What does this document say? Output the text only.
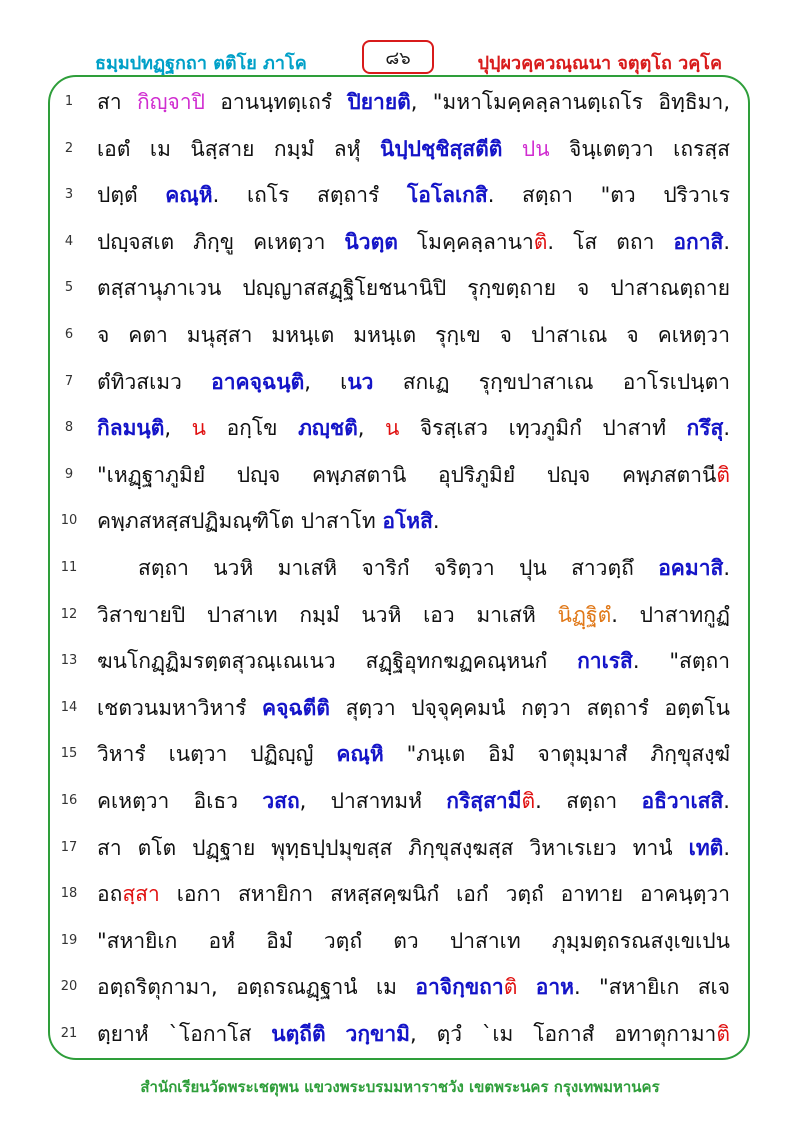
ธมฺมปทฏฺฐกถา ตติโย ภาโค	๘๖	ปุปฺผวคฺควณฺณนา จตุตฺโถ วคฺโค
1	สา กิญฺจาปิ อานนฺทตฺเถรํ ปิยายติ, "มหาโมคฺคลฺลานตฺเถโร อิทฺธิมา,
2	เอตํ เม นิสฺสาย กมฺมํ ลหุํ นิปฺปชฺชิสฺสตีติ ปน จินฺเตตฺวา เถรสฺส
3	ปตฺตํ คณฺหิ. เถโร สตฺถารํ โอโลเกสิ. สตฺถา "ตว ปริวาเร
4	ปญฺจสเต ภิกฺขู คเหตฺวา นิวตฺต โมคฺคลฺลานาติ. โส ตถา อกาสิ.
5	ตสฺสานุภาเวน ปญฺญาสสฏฺฐิโยชนานิปิ รุกฺขตฺถาย จ ปาสาณตฺถาย
6	จ คตา มนุสฺสา มหนฺเต มหนฺเต รุกฺเข จ ปาสาเณ จ คเหตฺวา
7	ตํทิวสเมว อาคจฺฉนฺติ, เนว สกเฏ รุกฺขปาสาเณ อาโรเปนฺตา
8	กิลมนฺติ, น อกฺโข ภญฺชติ, น จิรสฺเสว เทฺวภูมิกํ ปาสาทํ กรึสุ.
9	"เหฏฺฐาภูมิยํ ปญฺจ คพฺภสตานิ อุปริภูมิยํ ปญฺจ คพฺภสตานีติ
10 คพฺภสหสฺสปฏิมณฺฑิโต ปาสาโท อโหสิ.
11	สตฺถา นวหิ มาเสหิ จาริกํ จริตฺวา ปุน สาวตฺถึ อคมาสิ.
12 วิสาขายปิ ปาสาเท กมฺมํ นวหิ เอว มาเสหิ นิฏฺฐิตํ. ปาสาทกูฏํ
13 ฆนโกฏฺฏิมรตฺตสุวณฺเณเนว สฏฺฐิอุทกฆฏคณฺหนกํ กาเรสิ. "สตฺถา
14 เชตวนมหาวิหารํ คจฺฉตีติ สุตฺวา ปจฺจุคฺคมนํ กตฺวา สตฺถารํ อตฺตโน
15 วิหารํ เนตฺวา ปฏิญฺญํ คณฺหิ "ภนฺเต อิมํ จาตุมฺมาสํ ภิกฺขุสงฺฆํ
16 คเหตฺวา อิเธว วสถ, ปาสาทมหํ กริสฺสามีติ. สตฺถา อธิวาเสสิ.
17 สา ตโต ปฏฺฐาย พุทฺธปฺปมุขสฺส ภิกฺขุสงฺฆสฺส วิหาเรเยว ทานํ เทติ.
18 อถสฺสา เอกา สหายิกา สหสฺสคฺฆนิกํ เอกํ วตฺถํ อาทาย อาคนฺตฺวา
19 "สหายิเก อหํ อิมํ วตฺถํ ตว ปาสาเท ภุมฺมตฺถรณสงฺเขเปน
20 อตฺถริตุกามา, อตฺถรณฏฺฐานํ เม อาจิกฺขถาติ อาห. "สหายิเก สเจ
21 ตฺยาหํ `โอกาโส นตฺถีติ วกฺขามิ, ตฺวํ `เม โอกาสํ อทาตุกามาติ
สำนักเรียนวัดพระเชตุพน แขวงพระบรมมหาราชวัง เขตพระนคร กรุงเทพมหานคร
